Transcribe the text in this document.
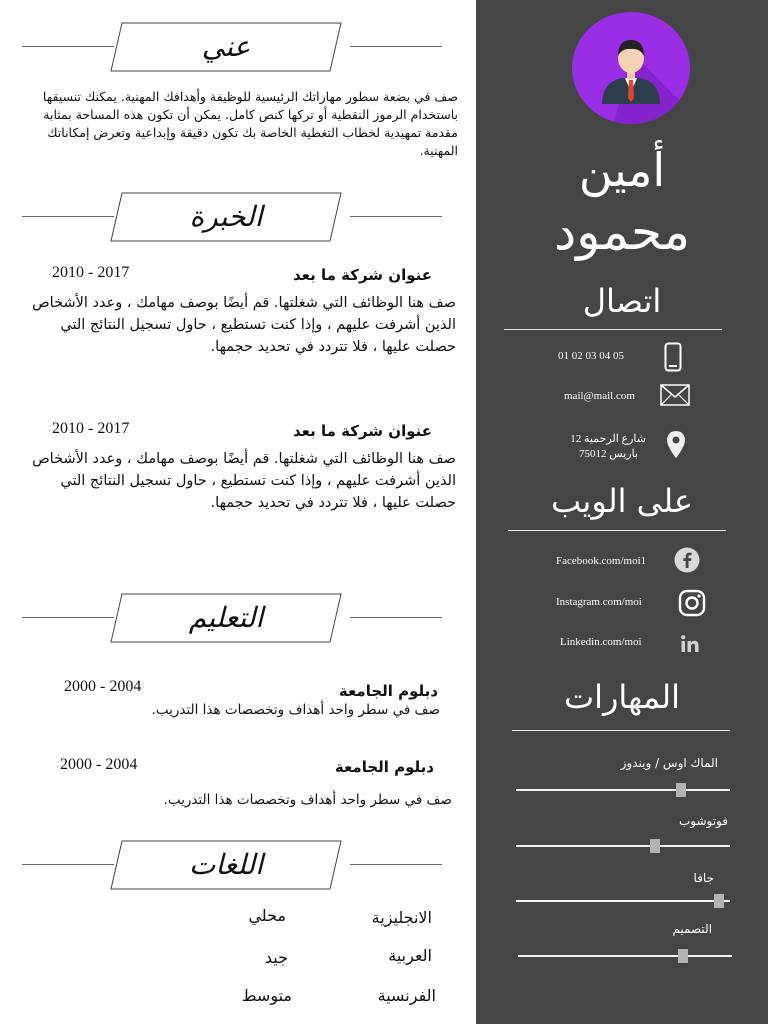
عني
صف في بضعة سطور مهاراتك الرئيسية للوظيفة وأهدافك المهنية. يمكنك تنسيقها باستخدام الرموز النقطية أو تركها كنص كامل. يمكن أن تكون هذه المساحة بمثابة مقدمة تمهيدية لخطاب التغطية الخاصة بك تكون دقيقة وإبداعية وتعرض إمكاناتك المهنية.
الخبرة
عنوان شركة ما بعد
2010 - 2017
صف هنا الوظائف التي شغلتها. قم أيضًا بوصف مهامك ، وعدد الأشخاص الذين أشرفت عليهم ، وإذا كنت تستطيع ، حاول تسجيل النتائج التي حصلت عليها ، فلا تتردد في تحديد حجمها.
عنوان شركة ما بعد
2010 - 2017
صف هنا الوظائف التي شغلتها. قم أيضًا بوصف مهامك ، وعدد الأشخاص الذين أشرفت عليهم ، وإذا كنت تستطيع ، حاول تسجيل النتائج التي حصلت عليها ، فلا تتردد في تحديد حجمها.
التعليم
دبلوم الجامعة
2000 - 2004
صف في سطر واحد أهداف وتخصصات هذا التدريب.
دبلوم الجامعة
2000 - 2004
صف في سطر واحد أهداف وتخصصات هذا التدريب.
اللغات
الانجليزية
محلي
العربية
جيد
الفرنسية
متوسط
أمين
محمود
اتصال
01 02 03 04 05
mail@mail.com
شارع الرحمية 12
باريس 75012
على الويب
Facebook.com/moi1
Instagram.com/moi
Linkedin.com/moi
المهارات
الماك اوس / ويندوز
فوتوشوب
جافا
التصميم
